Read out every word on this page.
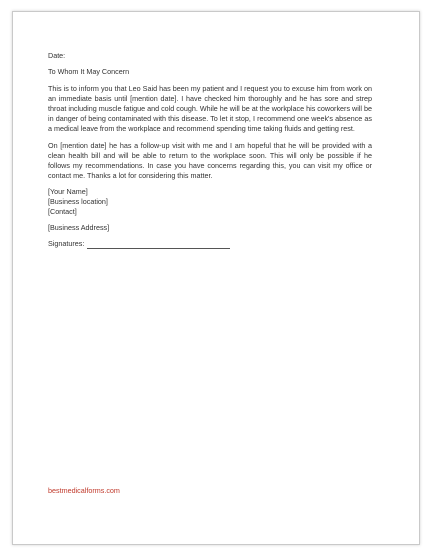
Date:

To Whom It May Concern

This is to inform you that Leo Said has been my patient and I request you to excuse him from work on an immediate basis until [mention date]. I have checked him thoroughly and he has sore and strep throat including muscle fatigue and cold cough. While he will be at the workplace his coworkers will be in danger of being contaminated with this disease. To let it stop, I recommend one week's absence as a medical leave from the workplace and recommend spending time taking fluids and getting rest.

On [mention date] he has a follow-up visit with me and I am hopeful that he will be provided with a clean health bill and will be able to return to the workplace soon. This will only be possible if he follows my recommendations. In case you have concerns regarding this, you can visit my office or contact me. Thanks a lot for considering this matter.

[Your Name]
[Business location]
[Contact]
[Business Address]
Signatures:
bestmedicalforms.com
